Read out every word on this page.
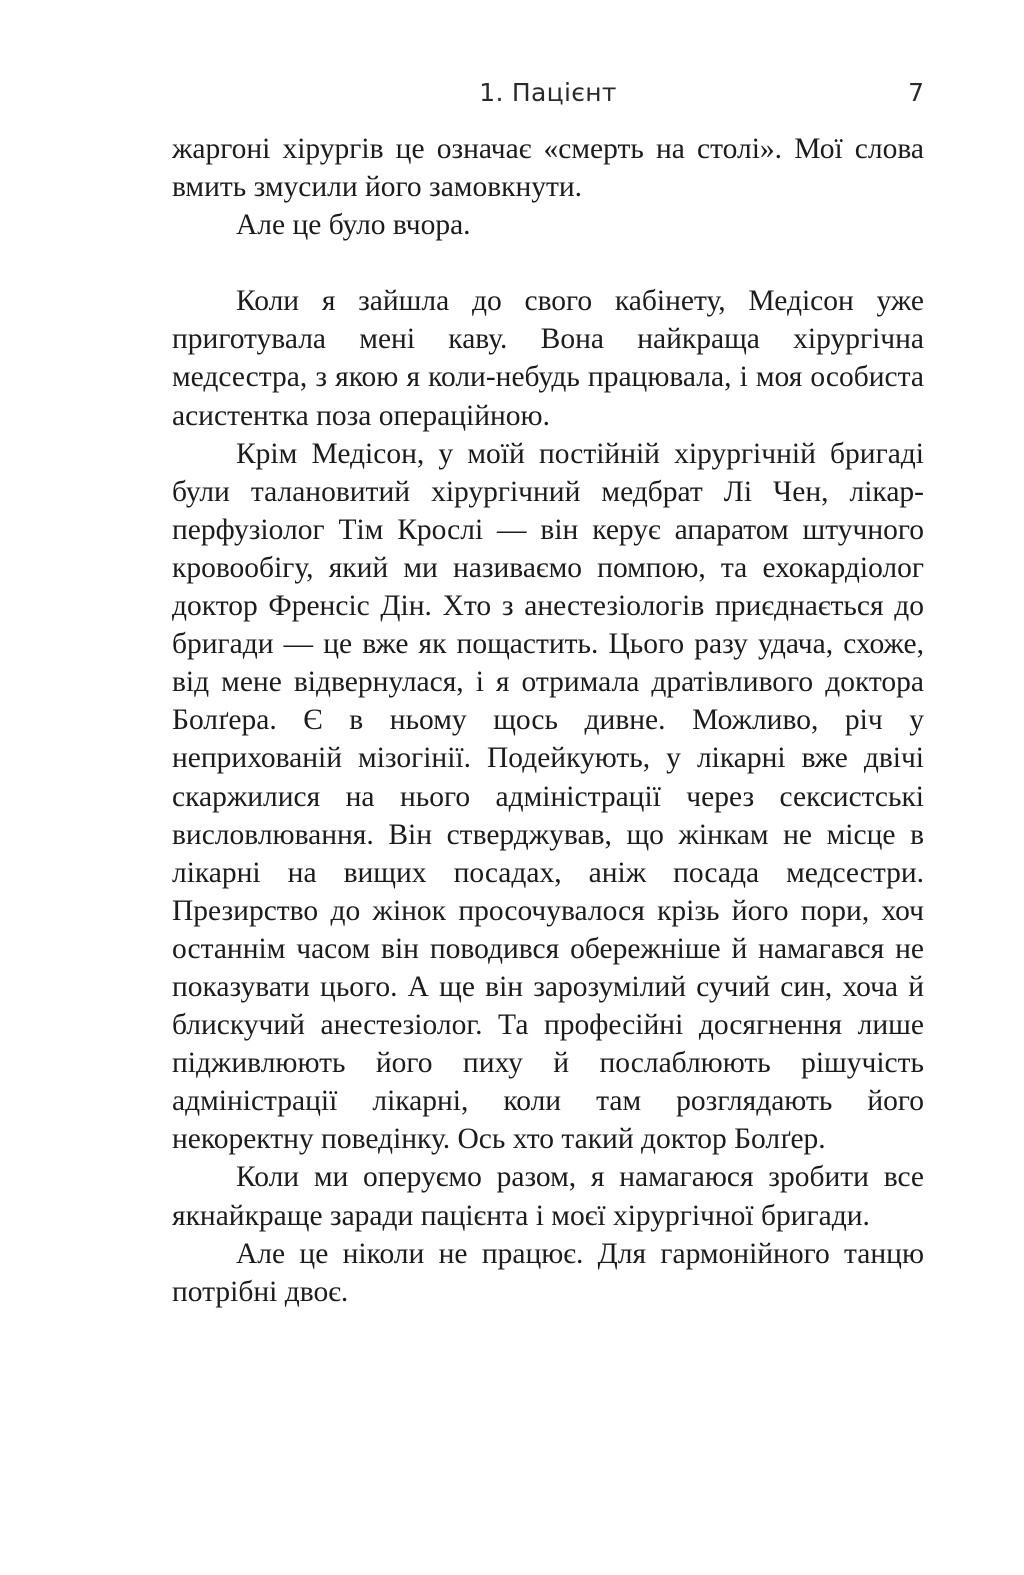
1. Пацієнт	7

жаргоні хірургів це означає «смерть на столі». Мої слова вмить змусили його замовкнути.

Але це було вчора.

Коли я зайшла до свого кабінету, Медісон уже приготувала мені каву. Вона найкраща хірургічна медсестра, з якою я коли-небудь працювала, і моя особиста асистентка поза операційною.

Крім Медісон, у моїй постійній хірургічній бригаді були талановитий хірургічний медбрат Лі Чен, лікар-перфузіолог Тім Крослі — він керує апаратом штучного кровообігу, який ми називаємо помпою, та ехокардіолог доктор Френсіс Дін. Хто з анестезіологів приєднається до бригади — це вже як пощастить. Цього разу удача, схоже, від мене відвернулася, і я отримала дратівливого доктора Болґера. Є в ньому щось дивне. Можливо, річ у неприхованій мізогінії. Подейкують, у лікарні вже двічі скаржилися на нього адміністрації через сексистські висловлювання. Він стверджував, що жінкам не місце в лікарні на вищих посадах, аніж посада медсестри. Презирство до жінок просочувалося крізь його пори, хоч останнім часом він поводився обережніше й намагався не показувати цього. А ще він зарозумілий сучий син, хоча й блискучий анестезіолог. Та професійні досягнення лише підживлюють його пиху й послаблюють рішучість адміністрації лікарні, коли там розглядають його некоректну поведінку. Ось хто такий доктор Болґер.

Коли ми оперуємо разом, я намагаюся зробити все якнайкраще заради пацієнта і моєї хірургічної бригади.

Але це ніколи не працює. Для гармонійного танцю потрібні двоє.
